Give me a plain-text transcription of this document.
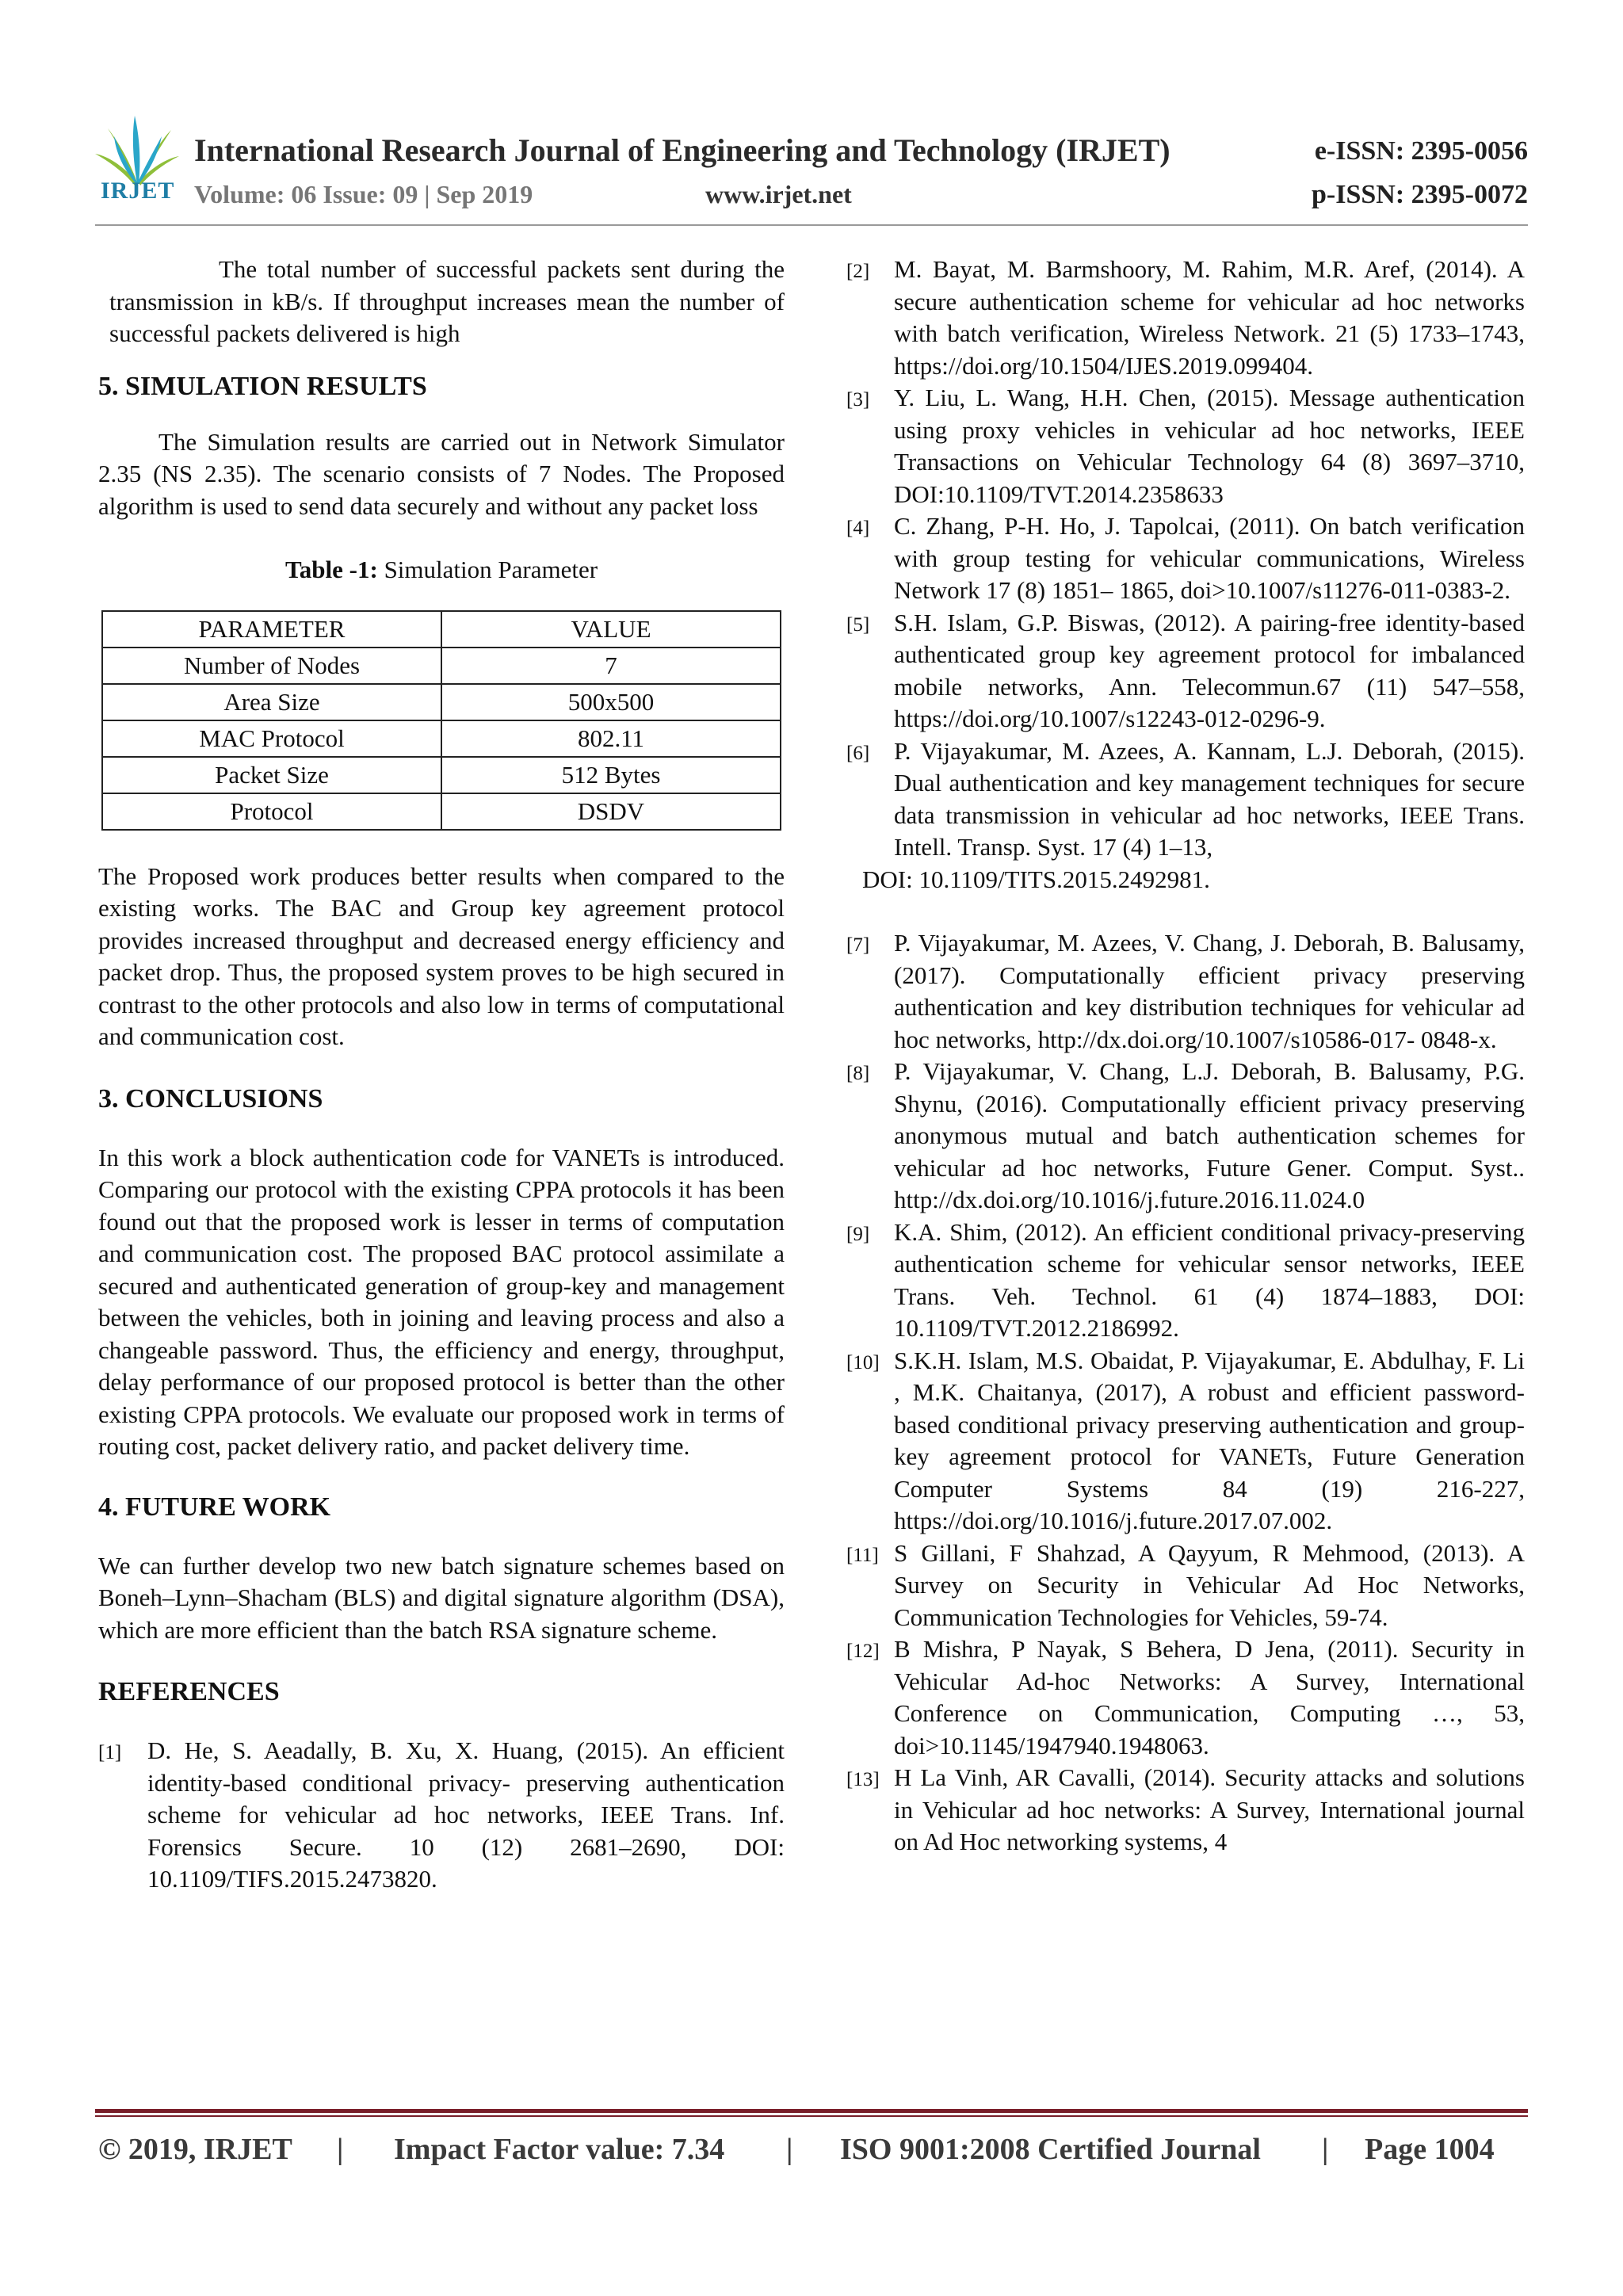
IRJET
International Research Journal of Engineering and Technology (IRJET)
Volume: 06 Issue: 09 | Sep 2019	www.irjet.net
e-ISSN: 2395-0056
p-ISSN: 2395-0072

The total number of successful packets sent during the transmission in kB/s. If throughput increases mean the number of successful packets delivered is high

5. SIMULATION RESULTS

The Simulation results are carried out in Network Simulator 2.35 (NS 2.35). The scenario consists of 7 Nodes. The Proposed algorithm is used to send data securely and without any packet loss

Table -1: Simulation Parameter
PARAMETER	VALUE
Number of Nodes	7
Area Size	500x500
MAC Protocol	802.11
Packet Size	512 Bytes
Protocol	DSDV

The Proposed work produces better results when compared to the existing works. The BAC and Group key agreement protocol provides increased throughput and decreased energy efficiency and packet drop. Thus, the proposed system proves to be high secured in contrast to the other protocols and also low in terms of computational and communication cost.

3. CONCLUSIONS

In this work a block authentication code for VANETs is introduced. Comparing our protocol with the existing CPPA protocols it has been found out that the proposed work is lesser in terms of computation and communication cost. The proposed BAC protocol assimilate a secured and authenticated generation of group-key and management between the vehicles, both in joining and leaving process and also a changeable password. Thus, the efficiency and energy, throughput, delay performance of our proposed protocol is better than the other existing CPPA protocols. We evaluate our proposed work in terms of routing cost, packet delivery ratio, and packet delivery time.

4. FUTURE WORK

We can further develop two new batch signature schemes based on Boneh–Lynn–Shacham (BLS) and digital signature algorithm (DSA), which are more efficient than the batch RSA signature scheme.

REFERENCES
[1] D. He, S. Aeadally, B. Xu, X. Huang, (2015). An efficient identity-based conditional privacy- preserving authentication scheme for vehicular ad hoc networks, IEEE Trans. Inf. Forensics Secure. 10 (12) 2681–2690, DOI: 10.1109/TIFS.2015.2473820.
[2] M. Bayat, M. Barmshoory, M. Rahim, M.R. Aref, (2014). A secure authentication scheme for vehicular ad hoc networks with batch verification, Wireless Network. 21 (5) 1733–1743, https://doi.org/10.1504/IJES.2019.099404.
[3] Y. Liu, L. Wang, H.H. Chen, (2015). Message authentication using proxy vehicles in vehicular ad hoc networks, IEEE Transactions on Vehicular Technology 64 (8) 3697–3710, DOI:10.1109/TVT.2014.2358633
[4] C. Zhang, P-H. Ho, J. Tapolcai, (2011). On batch verification with group testing for vehicular communications, Wireless Network 17 (8) 1851– 1865, doi>10.1007/s11276-011-0383-2.
[5] S.H. Islam, G.P. Biswas, (2012). A pairing-free identity-based authenticated group key agreement protocol for imbalanced mobile networks, Ann. Telecommun.67 (11) 547–558, https://doi.org/10.1007/s12243-012-0296-9.
[6] P. Vijayakumar, M. Azees, A. Kannam, L.J. Deborah, (2015). Dual authentication and key management techniques for secure data transmission in vehicular ad hoc networks, IEEE Trans. Intell. Transp. Syst. 17 (4) 1–13,

DOI: 10.1109/TITS.2015.2492981.

[7] P. Vijayakumar, M. Azees, V. Chang, J. Deborah, B. Balusamy, (2017). Computationally efficient privacy preserving authentication and key distribution techniques for vehicular ad hoc networks, http://dx.doi.org/10.1007/s10586-017- 0848-x.
[8] P. Vijayakumar, V. Chang, L.J. Deborah, B. Balusamy, P.G. Shynu, (2016). Computationally efficient privacy preserving anonymous mutual and batch authentication schemes for vehicular ad hoc networks, Future Gener. Comput. Syst.. http://dx.doi.org/10.1016/j.future.2016.11.024.0
[9] K.A. Shim, (2012). An efficient conditional privacy-preserving authentication scheme for vehicular sensor networks, IEEE Trans. Veh. Technol. 61 (4) 1874–1883, DOI: 10.1109/TVT.2012.2186992.
[10] S.K.H. Islam, M.S. Obaidat, P. Vijayakumar, E. Abdulhay, F. Li , M.K. Chaitanya, (2017), A robust and efficient password-based conditional privacy preserving authentication and group-key agreement protocol for VANETs, Future Generation Computer Systems 84 (19) 216-227, https://doi.org/10.1016/j.future.2017.07.002.
[11] S Gillani, F Shahzad, A Qayyum, R Mehmood, (2013). A Survey on Security in Vehicular Ad Hoc Networks, Communication Technologies for Vehicles, 59-74.
[12] B Mishra, P Nayak, S Behera, D Jena, (2011). Security in Vehicular Ad-hoc Networks: A Survey, International Conference on Communication, Computing …, 53, doi>10.1145/1947940.1948063.
[13] H La Vinh, AR Cavalli, (2014). Security attacks and solutions in Vehicular ad hoc networks: A Survey, International journal on Ad Hoc networking systems, 4
© 2019, IRJET | Impact Factor value: 7.34 | ISO 9001:2008 Certified Journal | Page 1004
